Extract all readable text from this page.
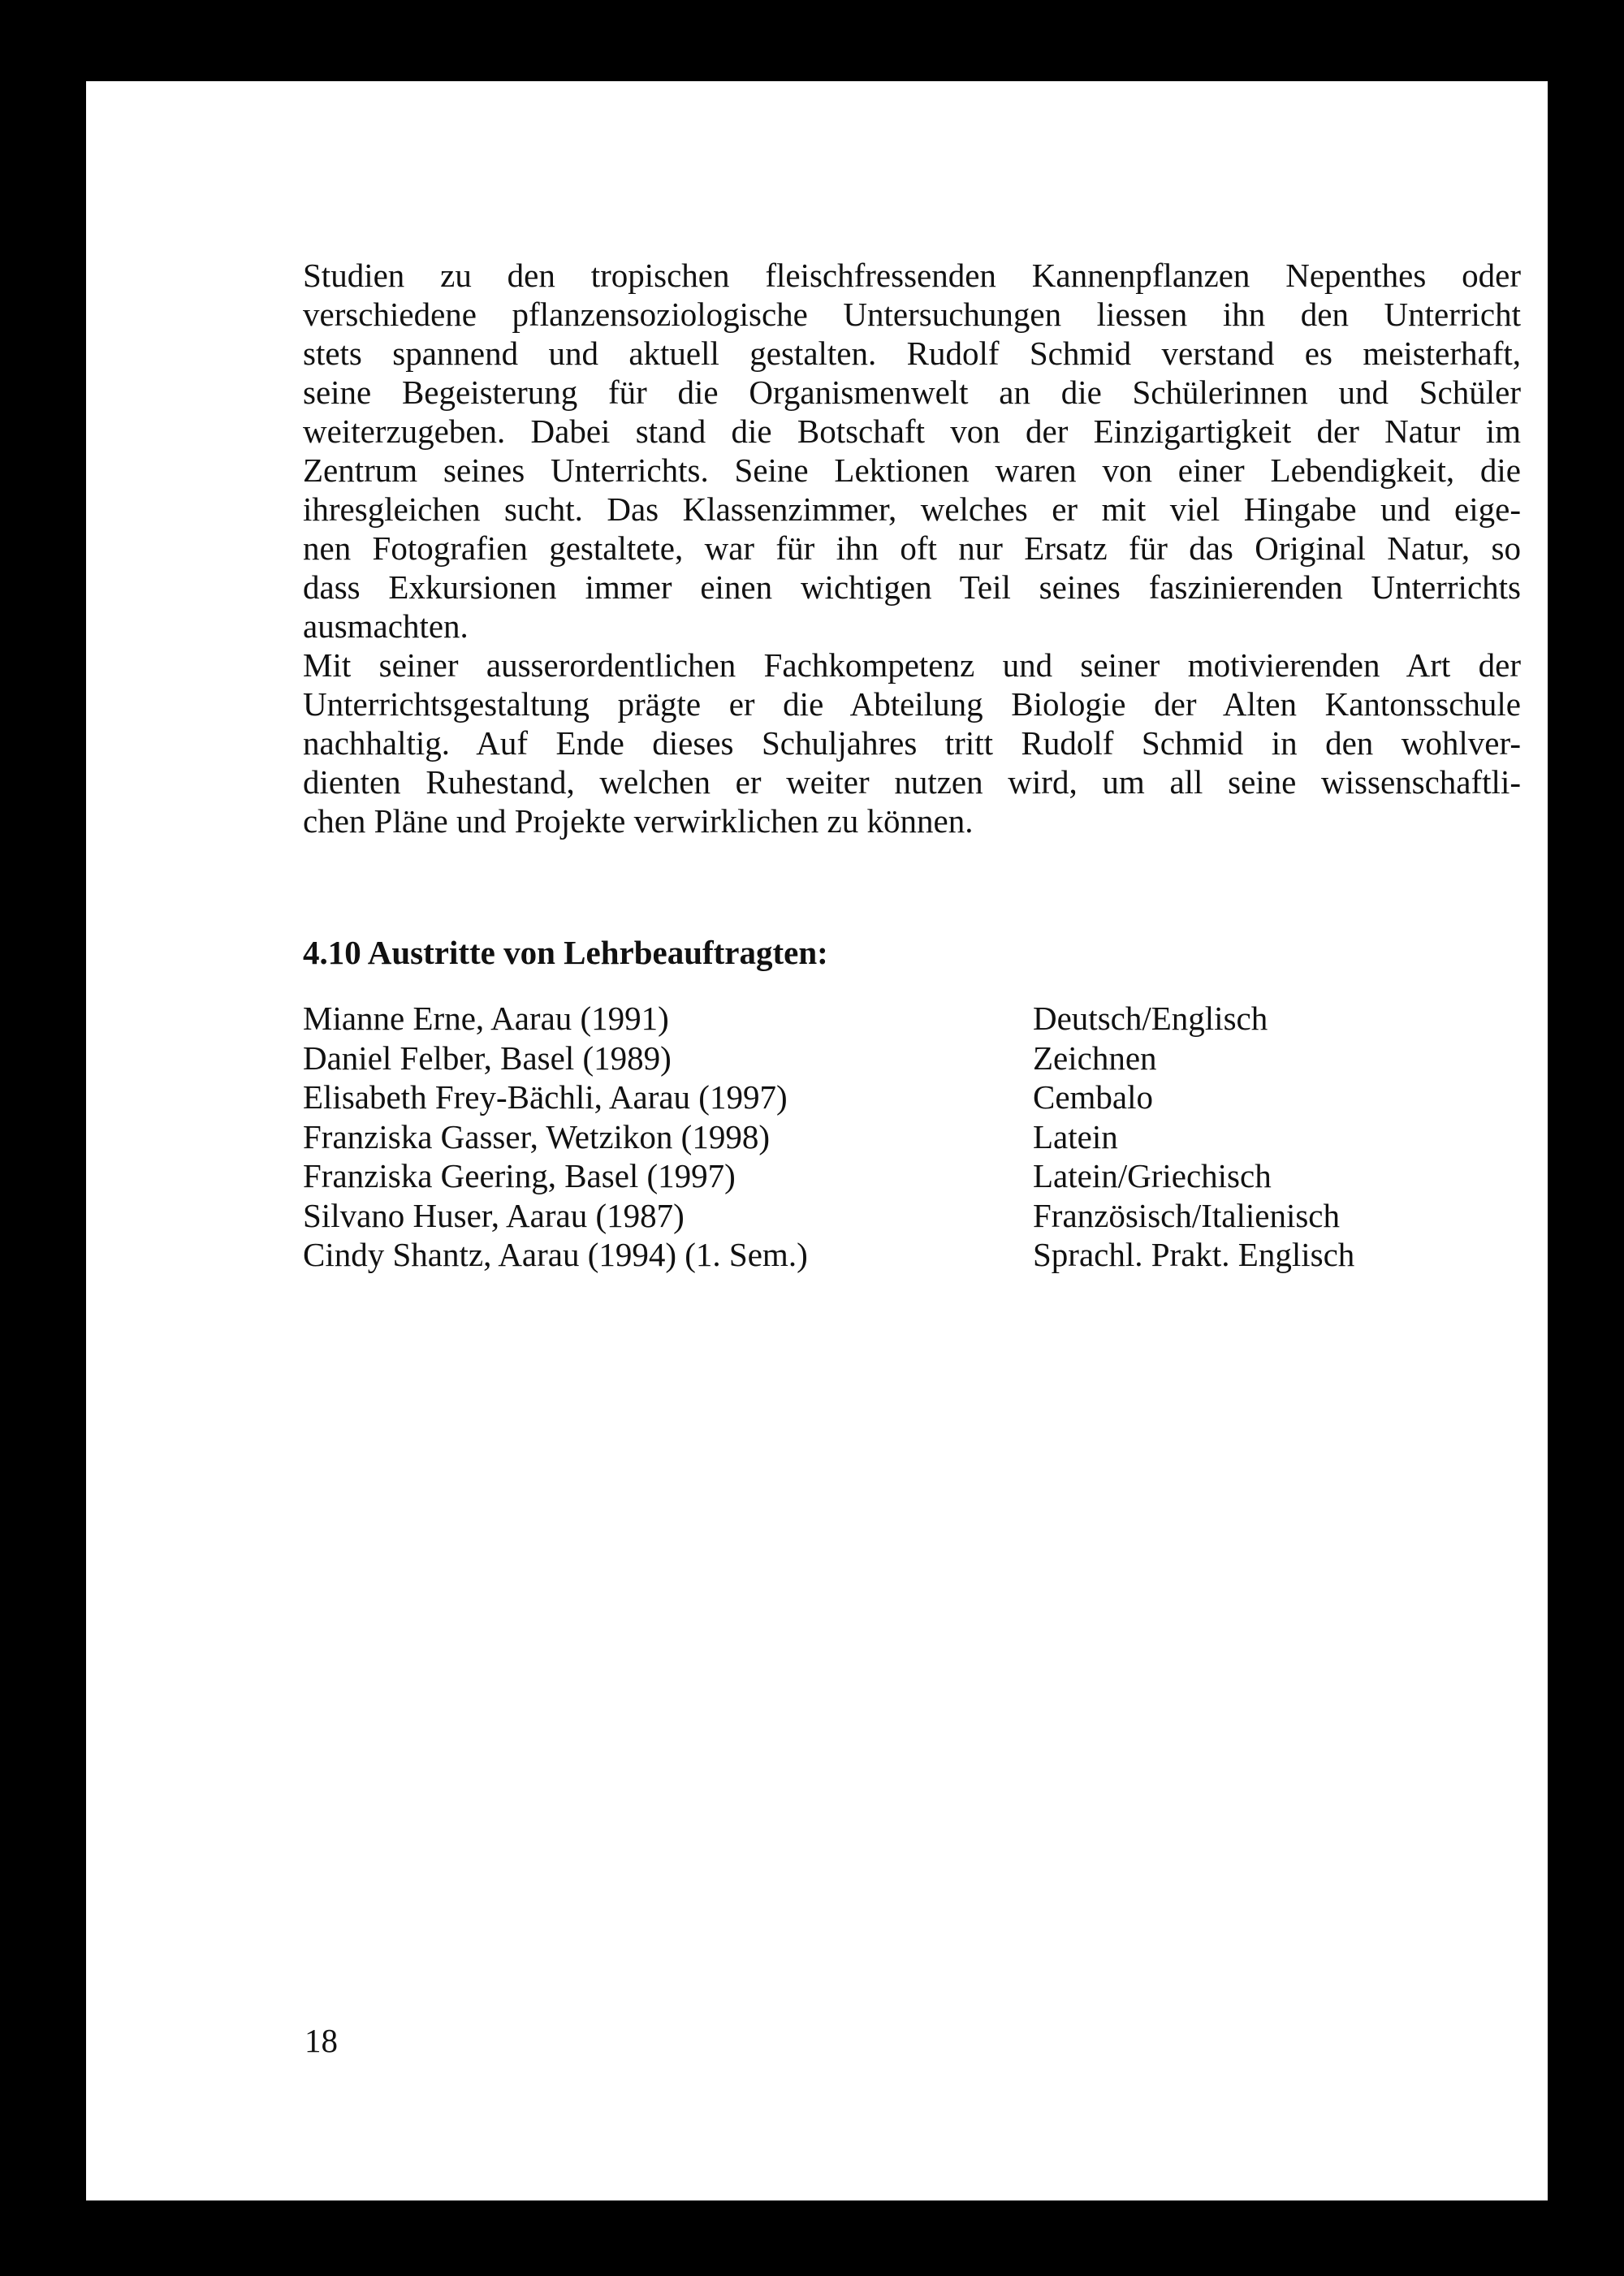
Studien zu den tropischen fleischfressenden Kannenpflanzen Nepenthes oder
verschiedene pflanzensoziologische Untersuchungen liessen ihn den Unterricht
stets spannend und aktuell gestalten. Rudolf Schmid verstand es meisterhaft,
seine Begeisterung für die Organismenwelt an die Schülerinnen und Schüler
weiterzugeben. Dabei stand die Botschaft von der Einzigartigkeit der Natur im
Zentrum seines Unterrichts. Seine Lektionen waren von einer Lebendigkeit, die
ihresgleichen sucht. Das Klassenzimmer, welches er mit viel Hingabe und eige-
nen Fotografien gestaltete, war für ihn oft nur Ersatz für das Original Natur, so
dass Exkursionen immer einen wichtigen Teil seines faszinierenden Unterrichts
ausmachten.
Mit seiner ausserordentlichen Fachkompetenz und seiner motivierenden Art der
Unterrichtsgestaltung prägte er die Abteilung Biologie der Alten Kantonsschule
nachhaltig. Auf Ende dieses Schuljahres tritt Rudolf Schmid in den wohlver-
dienten Ruhestand, welchen er weiter nutzen wird, um all seine wissenschaftli-
chen Pläne und Projekte verwirklichen zu können.
4.10 Austritte von Lehrbeauftragten:
Mianne Erne, Aarau (1991)	Deutsch/Englisch
Daniel Felber, Basel (1989)	Zeichnen
Elisabeth Frey-Bächli, Aarau (1997)	Cembalo
Franziska Gasser, Wetzikon (1998)	Latein
Franziska Geering, Basel (1997)	Latein/Griechisch
Silvano Huser, Aarau (1987)	Französisch/Italienisch
Cindy Shantz, Aarau (1994) (1. Sem.)	Sprachl. Prakt. Englisch
18
